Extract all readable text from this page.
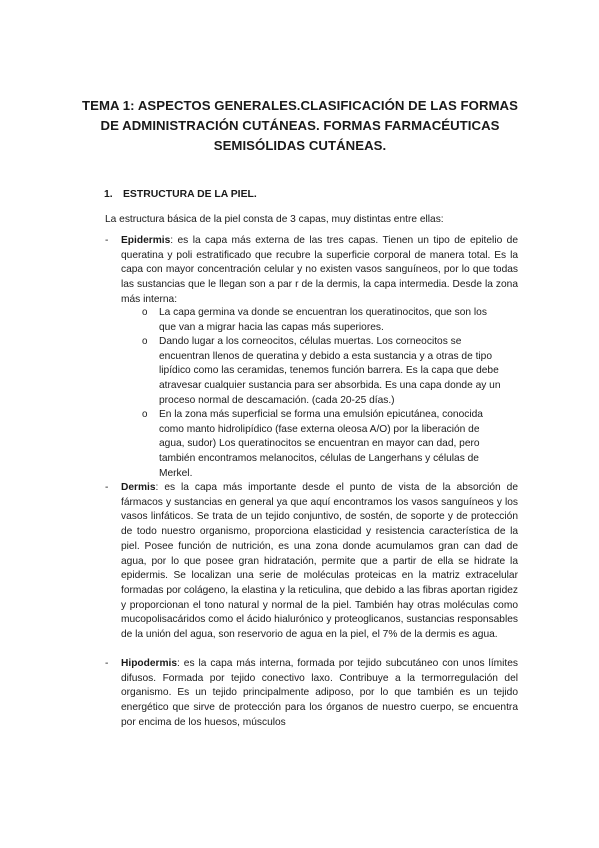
TEMA 1: ASPECTOS GENERALES.CLASIFICACIÓN DE LAS FORMAS
DE ADMINISTRACIÓN CUTÁNEAS. FORMAS FARMACÉUTICAS
SEMISÓLIDAS CUTÁNEAS.
1. ESTRUCTURA DE LA PIEL.
La estructura básica de la piel consta de 3 capas, muy distintas entre ellas:
- Epidermis: es la capa más externa de las tres capas. Tienen un tipo de epitelio de queratina y poli estratificado que recubre la superficie corporal de manera total. Es la capa con mayor concentración celular y no existen vasos sanguíneos, por lo que todas las sustancias que le llegan son a par r de la dermis, la capa intermedia. Desde la zona más interna:
o La capa germina va donde se encuentran los queratinocitos, que son los que van a migrar hacia las capas más superiores.
o Dando lugar a los corneocitos, células muertas. Los corneocitos se encuentran llenos de queratina y debido a esta sustancia y a otras de tipo lipídico como las ceramidas, tenemos función barrera. Es la capa que debe atravesar cualquier sustancia para ser absorbida. Es una capa donde ay un proceso normal de descamación. (cada 20-25 días.)
o En la zona más superficial se forma una emulsión epicutánea, conocida como manto hidrolipídico (fase externa oleosa A/O) por la liberación de agua, sudor) Los queratinocitos se encuentran en mayor can dad, pero también encontramos melanocitos, células de Langerhans y células de Merkel.
- Dermis: es la capa más importante desde el punto de vista de la absorción de fármacos y sustancias en general ya que aquí encontramos los vasos sanguíneos y los vasos linfáticos. Se trata de un tejido conjuntivo, de sostén, de soporte y de protección de todo nuestro organismo, proporciona elasticidad y resistencia característica de la piel. Posee función de nutrición, es una zona donde acumulamos gran can dad de agua, por lo que posee gran hidratación, permite que a partir de ella se hidrate la epidermis. Se localizan una serie de moléculas proteicas en la matriz extracelular formadas por colágeno, la elastina y la reticulina, que debido a las fibras aportan rigidez y proporcionan el tono natural y normal de la piel. También hay otras moléculas como mucopolisacáridos como el ácido hialurónico y proteoglicanos, sustancias responsables de la unión del agua, son reservorio de agua en la piel, el 7% de la dermis es agua.
- Hipodermis: es la capa más interna, formada por tejido subcutáneo con unos límites difusos. Formada por tejido conectivo laxo. Contribuye a la termorregulación del organismo. Es un tejido principalmente adiposo, por lo que también es un tejido energético que sirve de protección para los órganos de nuestro cuerpo, se encuentra por encima de los huesos, músculos
